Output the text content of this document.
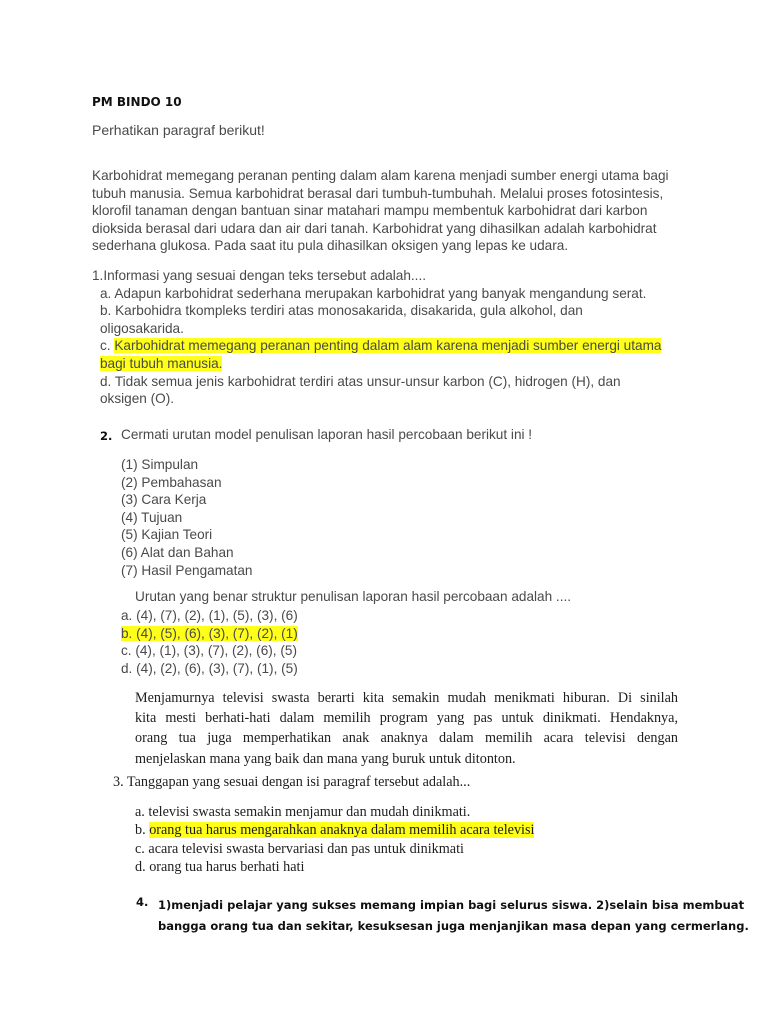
PM BINDO 10
Perhatikan paragraf berikut!
Karbohidrat memegang peranan penting dalam alam karena menjadi sumber energi utama bagi
tubuh manusia. Semua karbohidrat berasal dari tumbuh-tumbuhah. Melalui proses fotosintesis,
klorofil tanaman dengan bantuan sinar matahari mampu membentuk karbohidrat dari karbon
dioksida berasal dari udara dan air dari tanah. Karbohidrat yang dihasilkan adalah karbohidrat
sederhana glukosa. Pada saat itu pula dihasilkan oksigen yang lepas ke udara.
1.Informasi yang sesuai dengan teks tersebut adalah....
a. Adapun karbohidrat sederhana merupakan karbohidrat yang banyak mengandung serat.
b. Karbohidra tkompleks terdiri atas monosakarida, disakarida, gula alkohol, dan
oligosakarida.
c. Karbohidrat memegang peranan penting dalam alam karena menjadi sumber energi utama
bagi tubuh manusia.
d. Tidak semua jenis karbohidrat terdiri atas unsur-unsur karbon (C), hidrogen (H), dan
oksigen (O).
2. Cermati urutan model penulisan laporan hasil percobaan berikut ini !
(1) Simpulan
(2) Pembahasan
(3) Cara Kerja
(4) Tujuan
(5) Kajian Teori
(6) Alat dan Bahan
(7) Hasil Pengamatan
Urutan yang benar struktur penulisan laporan hasil percobaan adalah ....
a. (4), (7), (2), (1), (5), (3), (6)
b. (4), (5), (6), (3), (7), (2), (1)
c. (4), (1), (3), (7), (2), (6), (5)
d. (4), (2), (6), (3), (7), (1), (5)
Menjamurnya televisi swasta berarti kita semakin mudah menikmati hiburan. Di sinilah
kita mesti berhati-hati dalam memilih program yang pas untuk dinikmati. Hendaknya,
orang tua juga memperhatikan anak anaknya dalam memilih acara televisi dengan
menjelaskan mana yang baik dan mana yang buruk untuk ditonton.
3. Tanggapan yang sesuai dengan isi paragraf tersebut adalah...
a. televisi swasta semakin menjamur dan mudah dinikmati.
b. orang tua harus mengarahkan anaknya dalam memilih acara televisi
c. acara televisi swasta bervariasi dan pas untuk dinikmati
d. orang tua harus berhati hati
4. 1)menjadi pelajar yang sukses memang impian bagi selurus siswa. 2)selain bisa membuat
bangga orang tua dan sekitar, kesuksesan juga menjanjikan masa depan yang cermerlang.
